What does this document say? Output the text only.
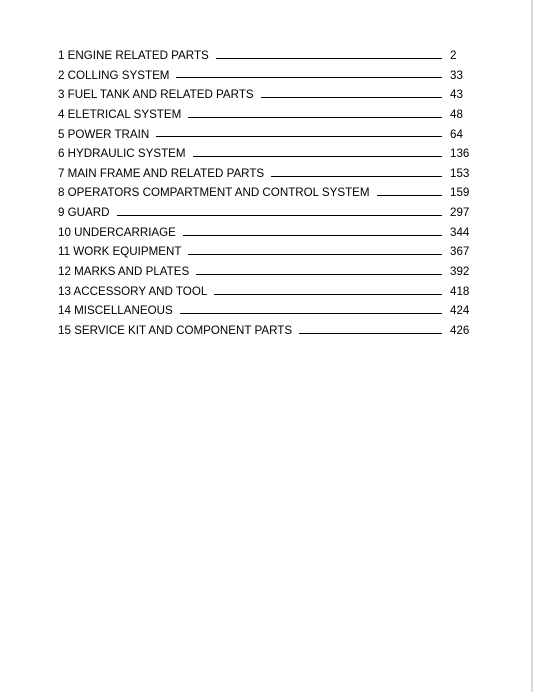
1 ENGINE RELATED PARTS	2
2 COLLING SYSTEM	33
3 FUEL TANK AND RELATED PARTS	43
4 ELETRICAL SYSTEM	48
5 POWER TRAIN	64
6 HYDRAULIC SYSTEM	136
7 MAIN FRAME AND RELATED PARTS	153
8 OPERATORS COMPARTMENT AND CONTROL SYSTEM	159
9 GUARD	297
10 UNDERCARRIAGE	344
11 WORK EQUIPMENT	367
12 MARKS AND PLATES	392
13 ACCESSORY AND TOOL	418
14 MISCELLANEOUS	424
15 SERVICE KIT AND COMPONENT PARTS	426
